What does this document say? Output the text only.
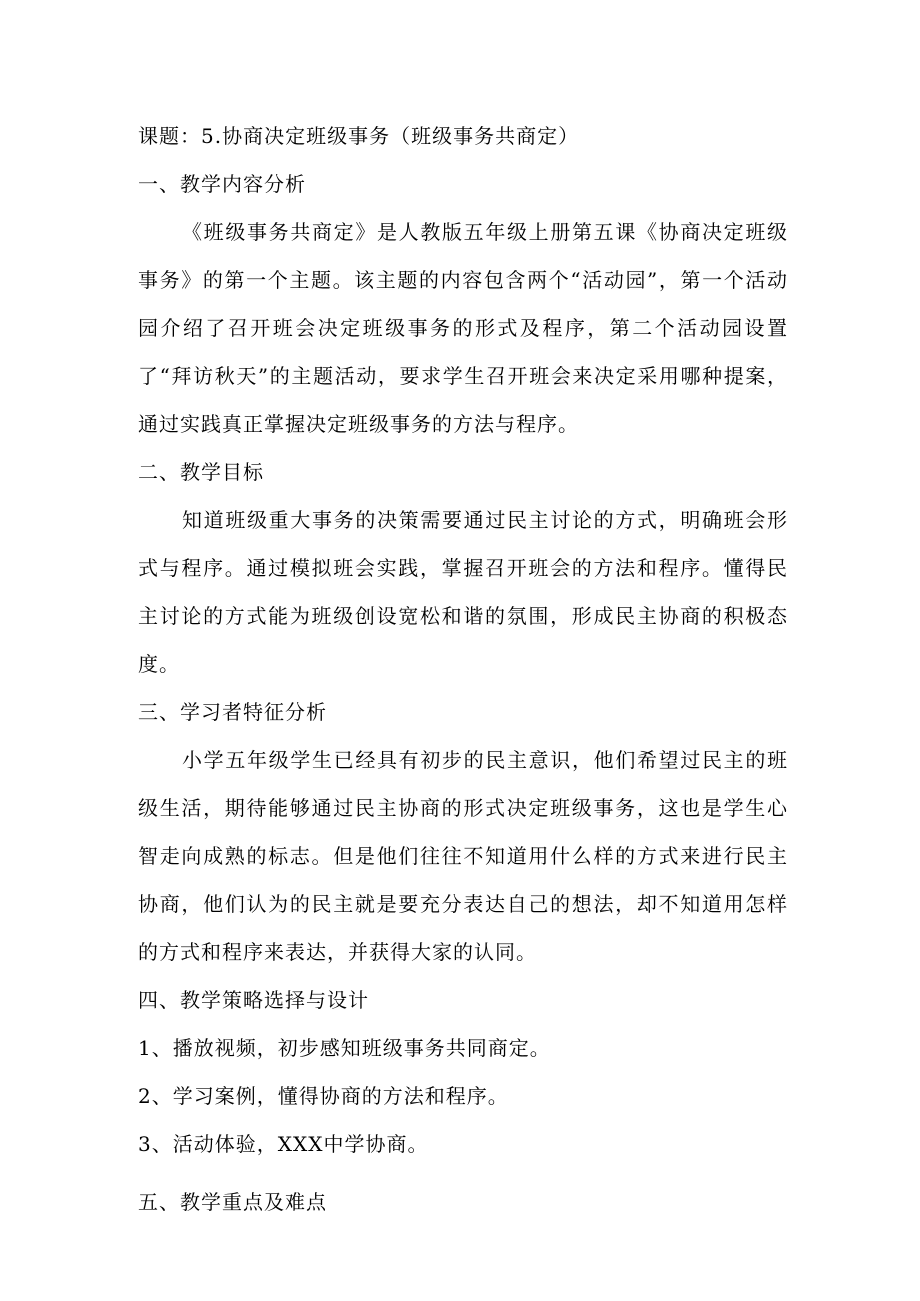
课题：5.协商决定班级事务（班级事务共商定）
一、教学内容分析

《班级事务共商定》是人教版五年级上册第五课《协商决定班级事务》的第一个主题。该主题的内容包含两个“活动园”，第一个活动园介绍了召开班会决定班级事务的形式及程序，第二个活动园设置了“拜访秋天”的主题活动，要求学生召开班会来决定采用哪种提案，通过实践真正掌握决定班级事务的方法与程序。

二、教学目标

知道班级重大事务的决策需要通过民主讨论的方式，明确班会形式与程序。通过模拟班会实践，掌握召开班会的方法和程序。懂得民主讨论的方式能为班级创设宽松和谐的氛围，形成民主协商的积极态度。

三、学习者特征分析

小学五年级学生已经具有初步的民主意识，他们希望过民主的班级生活，期待能够通过民主协商的形式决定班级事务，这也是学生心智走向成熟的标志。但是他们往往不知道用什么样的方式来进行民主协商，他们认为的民主就是要充分表达自己的想法，却不知道用怎样的方式和程序来表达，并获得大家的认同。

四、教学策略选择与设计
1、播放视频，初步感知班级事务共同商定。
2、学习案例，懂得协商的方法和程序。
3、活动体验，XXX中学协商。
五、教学重点及难点
